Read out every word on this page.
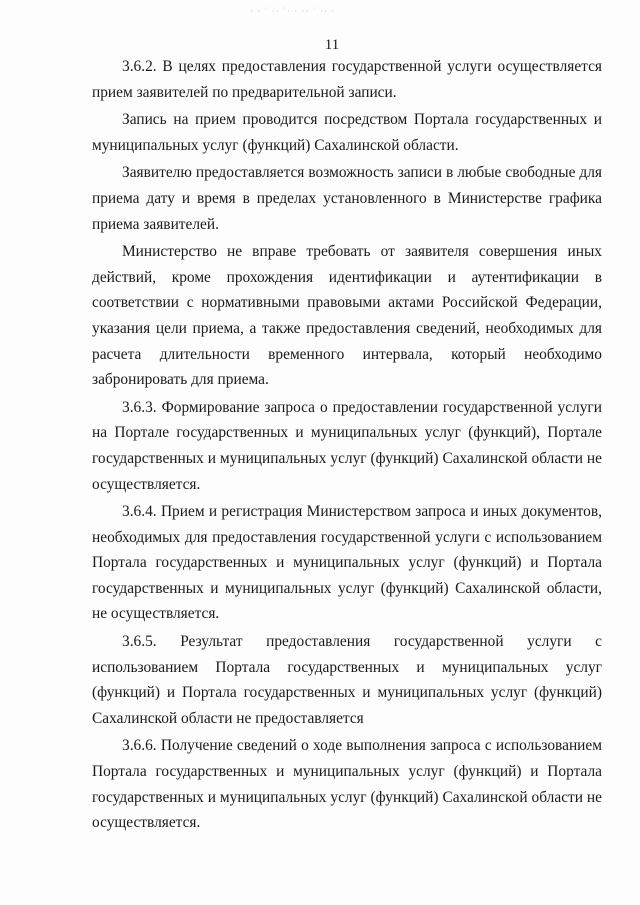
· · ˙ ·· ˙· · ·· ˙ ·· ·
11

3.6.2. В целях предоставления государственной услуги осуществляется прием заявителей по предварительной записи.

Запись на прием проводится посредством Портала государственных и муниципальных услуг (функций) Сахалинской области.

Заявителю предоставляется возможность записи в любые свободные для приема дату и время в пределах установленного в Министерстве графика приема заявителей.

Министерство не вправе требовать от заявителя совершения иных действий, кроме прохождения идентификации и аутентификации в соответствии с нормативными правовыми актами Российской Федерации, указания цели приема, а также предоставления сведений, необходимых для расчета длительности временного интервала, который необходимо забронировать для приема.

3.6.3. Формирование запроса о предоставлении государственной услуги на Портале государственных и муниципальных услуг (функций), Портале государственных и муниципальных услуг (функций) Сахалинской области не осуществляется.

3.6.4. Прием и регистрация Министерством запроса и иных документов, необходимых для предоставления государственной услуги с использованием Портала государственных и муниципальных услуг (функций) и Портала государственных и муниципальных услуг (функций) Сахалинской области, не осуществляется.

3.6.5. Результат предоставления государственной услуги с использованием Портала государственных и муниципальных услуг (функций) и Портала государственных и муниципальных услуг (функций) Сахалинской области не предоставляется

3.6.6. Получение сведений о ходе выполнения запроса с использованием Портала государственных и муниципальных услуг (функций) и Портала государственных и муниципальных услуг (функций) Сахалинской области не осуществляется.
